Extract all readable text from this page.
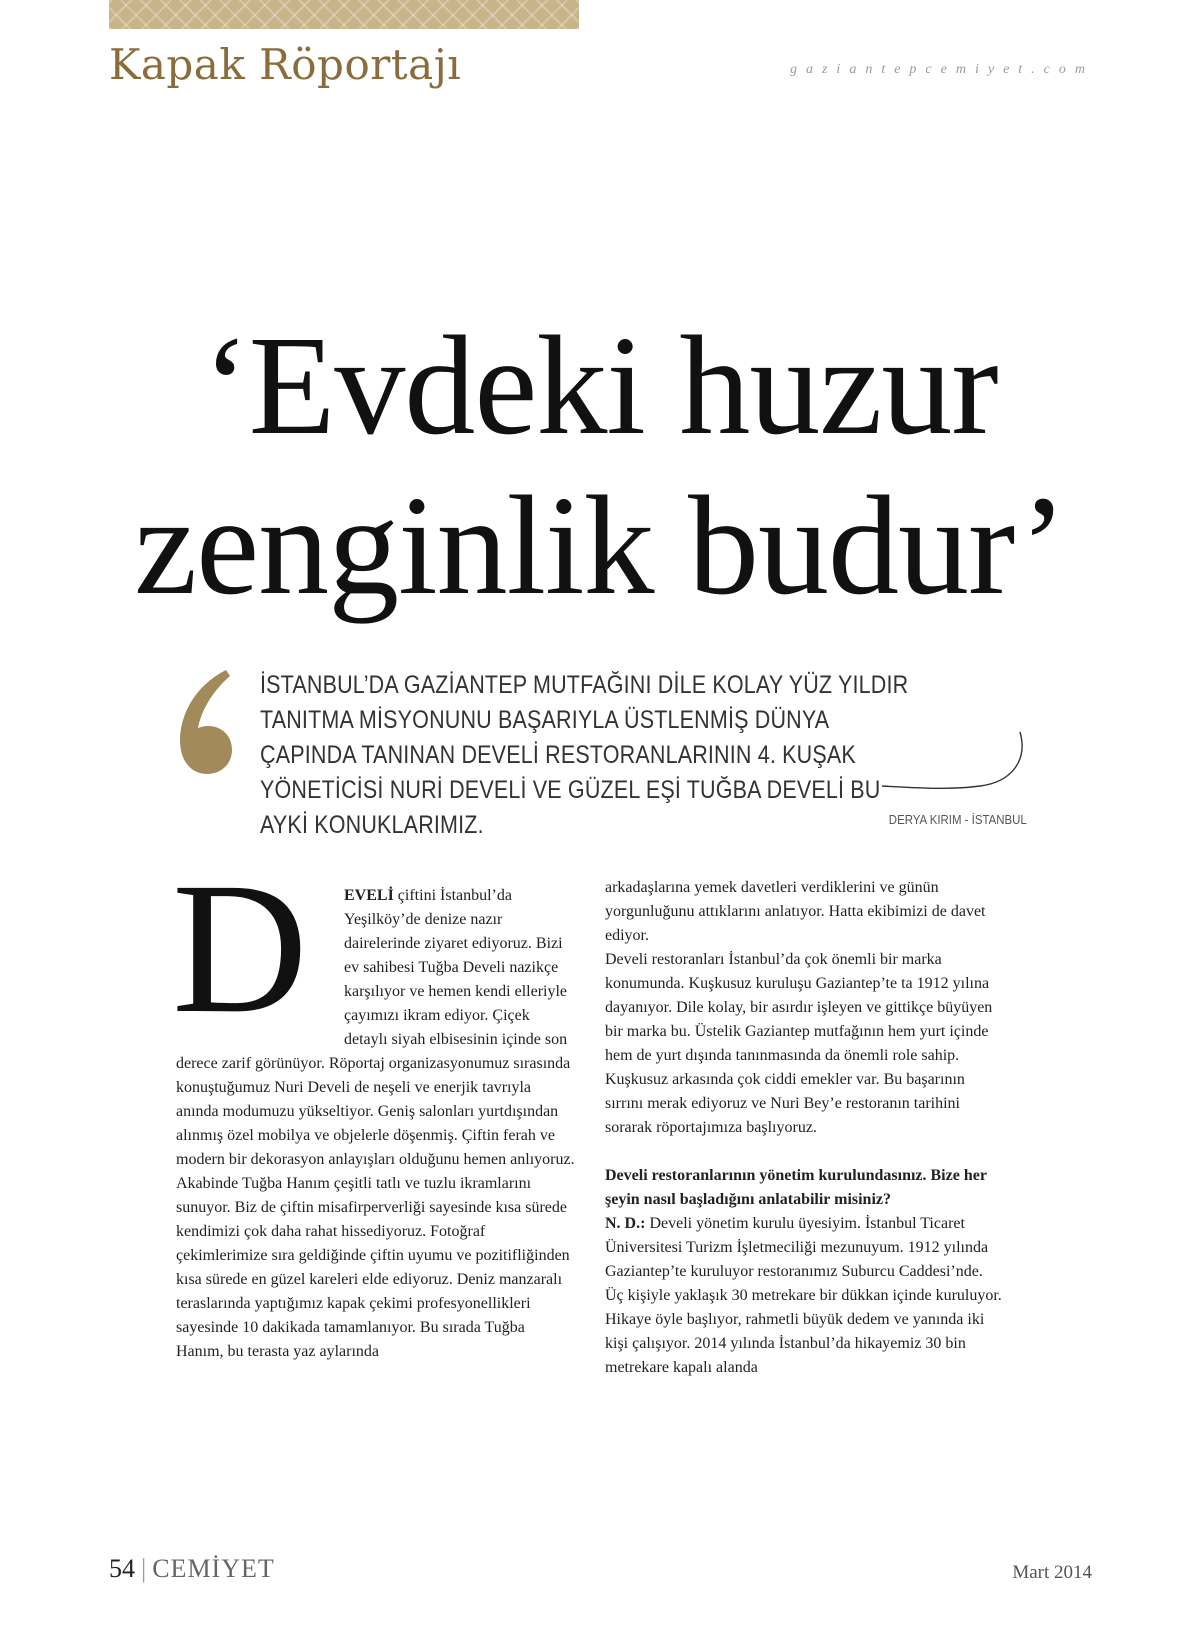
Kapak Röportajı	gaziantepcemiyet.com
‘Evdeki huzur
zenginlik budur’

İSTANBUL’DA GAZİANTEP MUTFAĞINI DİLE KOLAY YÜZ YILDIR TANITMA MİSYONUNU BAŞARIYLA ÜSTLENMİŞ DÜNYA ÇAPINDA TANINAN DEVELİ RESTORANLARININ 4. KUŞAK YÖNETİCİSİ NURİ DEVELİ VE GÜZEL EŞİ TUĞBA DEVELİ BU AYKİ KONUKLARIMIZ.	DERYA KIRIM - İSTANBUL
D	EVELİ çiftini İstanbul’da Yeşilköy’de denize nazır dairelerinde ziyaret ediyoruz. Bizi ev sahibesi Tuğba Develi nazikçe karşılıyor ve hemen kendi elleriyle çayımızı ikram ediyor. Çiçek detaylı siyah elbisesinin içinde son derece zarif görünüyor. Röportaj organizasyonumuz sırasında konuştuğumuz Nuri Develi de neşeli ve enerjik tavrıyla anında modumuzu yükseltiyor. Geniş salonları yurtdışından alınmış özel mobilya ve objelerle döşenmiş. Çiftin ferah ve modern bir dekorasyon anlayışları olduğunu hemen anlıyoruz. Akabinde Tuğba Hanım çeşitli tatlı ve tuzlu ikramlarını sunuyor. Biz de çiftin misafirperverliği sayesinde kısa sürede kendimizi çok daha rahat hissediyoruz. Fotoğraf çekimlerimize sıra geldiğinde çiftin uyumu ve pozitifliğinden kısa sürede en güzel kareleri elde ediyoruz. Deniz manzaralı teraslarında yaptığımız kapak çekimi profesyonellikleri sayesinde 10 dakikada tamamlanıyor. Bu sırada Tuğba Hanım, bu terasta yaz aylarında

arkadaşlarına yemek davetleri verdiklerini ve günün yorgunluğunu attıklarını anlatıyor. Hatta ekibimizi de davet ediyor.

Develi restoranları İstanbul’da çok önemli bir marka konumunda. Kuşkusuz kuruluşu Gaziantep’te ta 1912 yılına dayanıyor. Dile kolay, bir asırdır işleyen ve gittikçe büyüyen bir marka bu. Üstelik Gaziantep mutfağının hem yurt içinde hem de yurt dışında tanınmasında da önemli role sahip. Kuşkusuz arkasında çok ciddi emekler var. Bu başarının sırrını merak ediyoruz ve Nuri Bey’e restoranın tarihini sorarak röportajımıza başlıyoruz.

Develi restoranlarının yönetim kurulundasınız. Bize her şeyin nasıl başladığını anlatabilir misiniz?

N. D.: Develi yönetim kurulu üyesiyim. İstanbul Ticaret Üniversitesi Turizm İşletmeciliği mezunuyum. 1912 yılında Gaziantep’te kuruluyor restoranımız Suburcu Caddesi’nde. Üç kişiyle yaklaşık 30 metrekare bir dükkan içinde kuruluyor. Hikaye öyle başlıyor, rahmetli büyük dedem ve yanında iki kişi çalışıyor. 2014 yılında İstanbul’da hikayemiz 30 bin metrekare kapalı alanda

54 | CEMİYET	Mart 2014
